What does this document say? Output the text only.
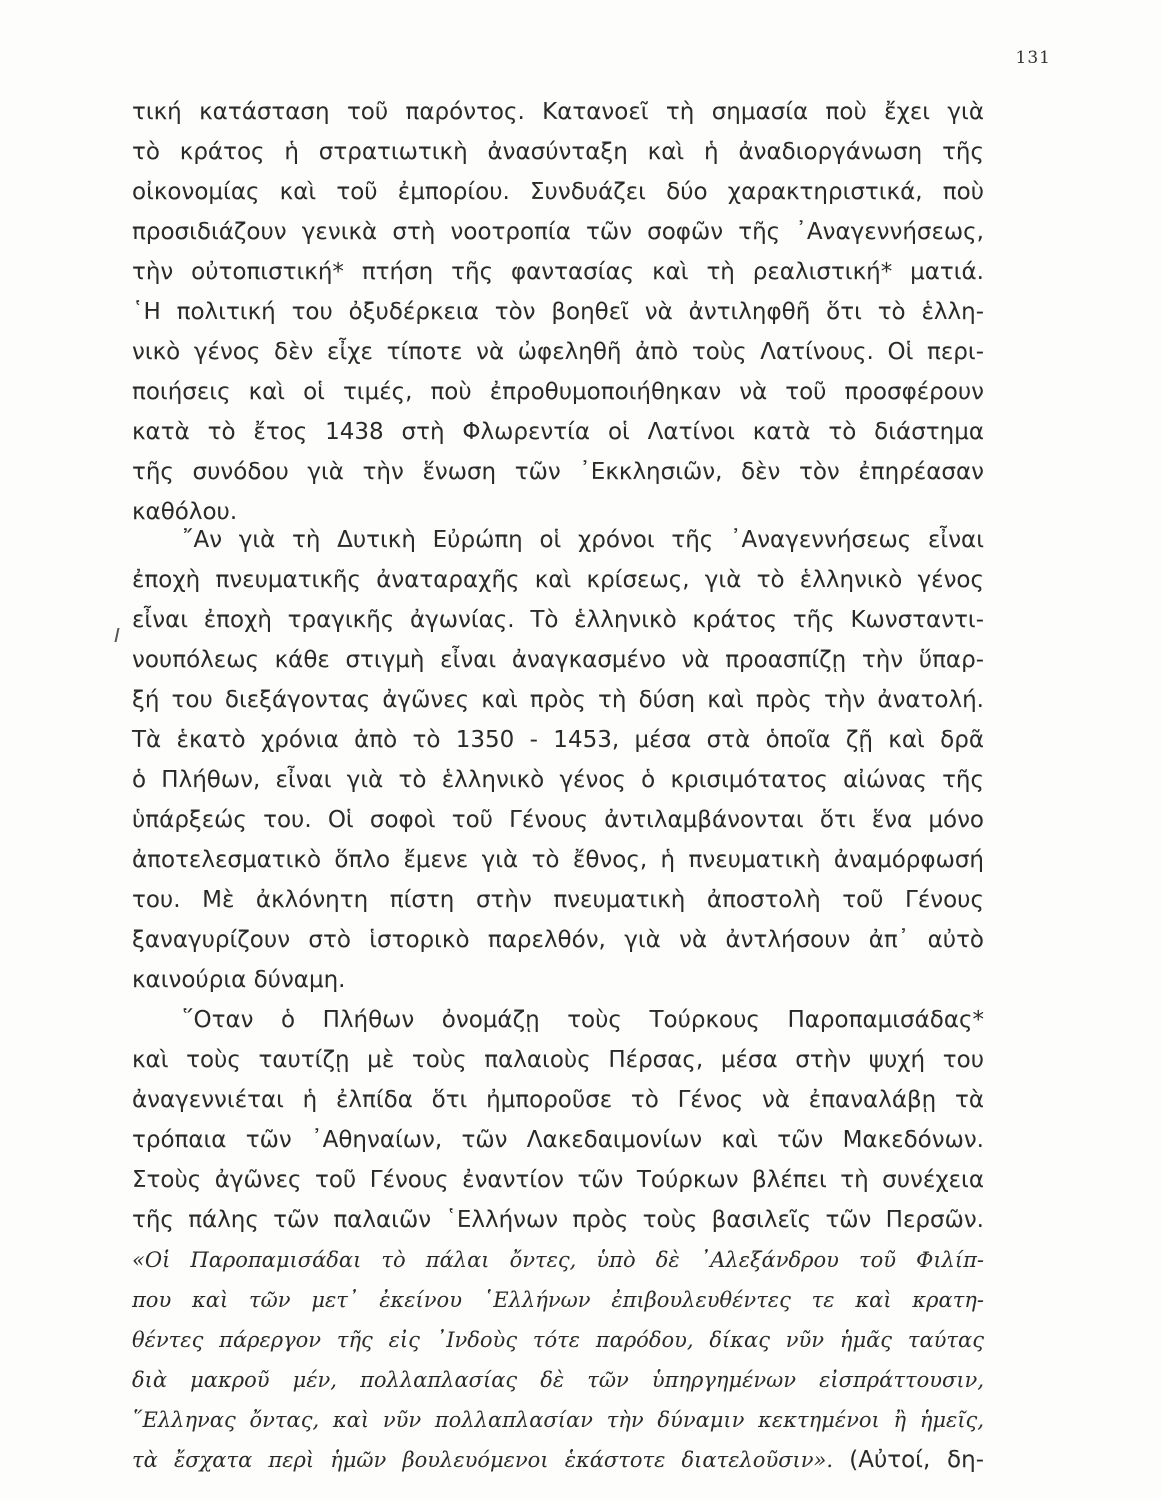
131
τική κατάσταση τοῦ παρόντος. Κατανοεῖ τὴ σημασία ποὺ ἔχει γιὰ
τὸ κράτος ἡ στρατιωτικὴ ἀνασύνταξη καὶ ἡ ἀναδιοργάνωση τῆς
οἰκονομίας καὶ τοῦ ἐμπορίου. Συνδυάζει δύο χαρακτηριστικά, ποὺ
προσιδιάζουν γενικὰ στὴ νοοτροπία τῶν σοφῶν τῆς ᾿Αναγεννήσεως,
τὴν οὐτοπιστική* πτήση τῆς φαντασίας καὶ τὴ ρεαλιστική* ματιά.
῾Η πολιτική του ὀξυδέρκεια τὸν βοηθεῖ νὰ ἀντιληφθῆ ὅτι τὸ ἑλλη-
νικὸ γένος δὲν εἶχε τίποτε νὰ ὠφεληθῆ ἀπὸ τοὺς Λατίνους. Οἱ περι-
ποιήσεις καὶ οἱ τιμές, ποὺ ἐπροθυμοποιήθηκαν νὰ τοῦ προσφέρουν
κατὰ τὸ ἔτος 1438 στὴ Φλωρεντία οἱ Λατίνοι κατὰ τὸ διάστημα
τῆς συνόδου γιὰ τὴν ἕνωση τῶν ᾿Εκκλησιῶν, δὲν τὸν ἐπηρέασαν
καθόλου.
῎Αν γιὰ τὴ Δυτικὴ Εὐρώπη οἱ χρόνοι τῆς ᾿Αναγεννήσεως εἶναι
ἐποχὴ πνευματικῆς ἀναταραχῆς καὶ κρίσεως, γιὰ τὸ ἑλληνικὸ γένος
εἶναι ἐποχὴ τραγικῆς ἀγωνίας. Τὸ ἑλληνικὸ κράτος τῆς Κωνσταντι-
νουπόλεως κάθε στιγμὴ εἶναι ἀναγκασμένο νὰ προασπίζῃ τὴν ὕπαρ-
ξή του διεξάγοντας ἀγῶνες καὶ πρὸς τὴ δύση καὶ πρὸς τὴν ἀνατολή.
Τὰ ἑκατὸ χρόνια ἀπὸ τὸ 1350 - 1453, μέσα στὰ ὁποῖα ζῇ καὶ δρᾶ
ὁ Πλήθων, εἶναι γιὰ τὸ ἑλληνικὸ γένος ὁ κρισιμότατος αἰώνας τῆς
ὑπάρξεώς του. Οἱ σοφοὶ τοῦ Γένους ἀντιλαμβάνονται ὅτι ἕνα μόνο
ἀποτελεσματικὸ ὅπλο ἔμενε γιὰ τὸ ἔθνος, ἡ πνευματικὴ ἀναμόρφωσή
του. Μὲ ἀκλόνητη πίστη στὴν πνευματικὴ ἀποστολὴ τοῦ Γένους
ξαναγυρίζουν στὸ ἱστορικὸ παρελθόν, γιὰ νὰ ἀντλήσουν ἀπ᾿ αὐτὸ
καινούρια δύναμη.
῞Οταν ὁ Πλήθων ὀνομάζῃ τοὺς Τούρκους Παροπαμισάδας*
καὶ τοὺς ταυτίζῃ μὲ τοὺς παλαιοὺς Πέρσας, μέσα στὴν ψυχή του
ἀναγεννιέται ἡ ἐλπίδα ὅτι ἠμποροῦσε τὸ Γένος νὰ ἐπαναλάβῃ τὰ
τρόπαια τῶν ᾿Αθηναίων, τῶν Λακεδαιμονίων καὶ τῶν Μακεδόνων.
Στοὺς ἀγῶνες τοῦ Γένους ἐναντίον τῶν Τούρκων βλέπει τὴ συνέχεια
τῆς πάλης τῶν παλαιῶν ῾Ελλήνων πρὸς τοὺς βασιλεῖς τῶν Περσῶν.
«Οἱ Παροπαμισάδαι τὸ πάλαι ὄντες, ὑπὸ δὲ ᾿Αλεξάνδρου τοῦ Φιλίπ-
που καὶ τῶν μετ᾿ ἐκείνου ῾Ελλήνων ἐπιβουλευθέντες τε καὶ κρατη-
θέντες πάρεργον τῆς εἰς ᾿Ινδοὺς τότε παρόδου, δίκας νῦν ἡμᾶς ταύτας
διὰ μακροῦ μέν, πολλαπλασίας δὲ τῶν ὑπηργημένων εἰσπράττουσιν,
῞Ελληνας ὄντας, καὶ νῦν πολλαπλασίαν τὴν δύναμιν κεκτημένοι ἢ ἡμεῖς,
τὰ ἔσχατα περὶ ἡμῶν βουλευόμενοι ἑκάστοτε διατελοῦσιν». (Αὐτοί, δη-
